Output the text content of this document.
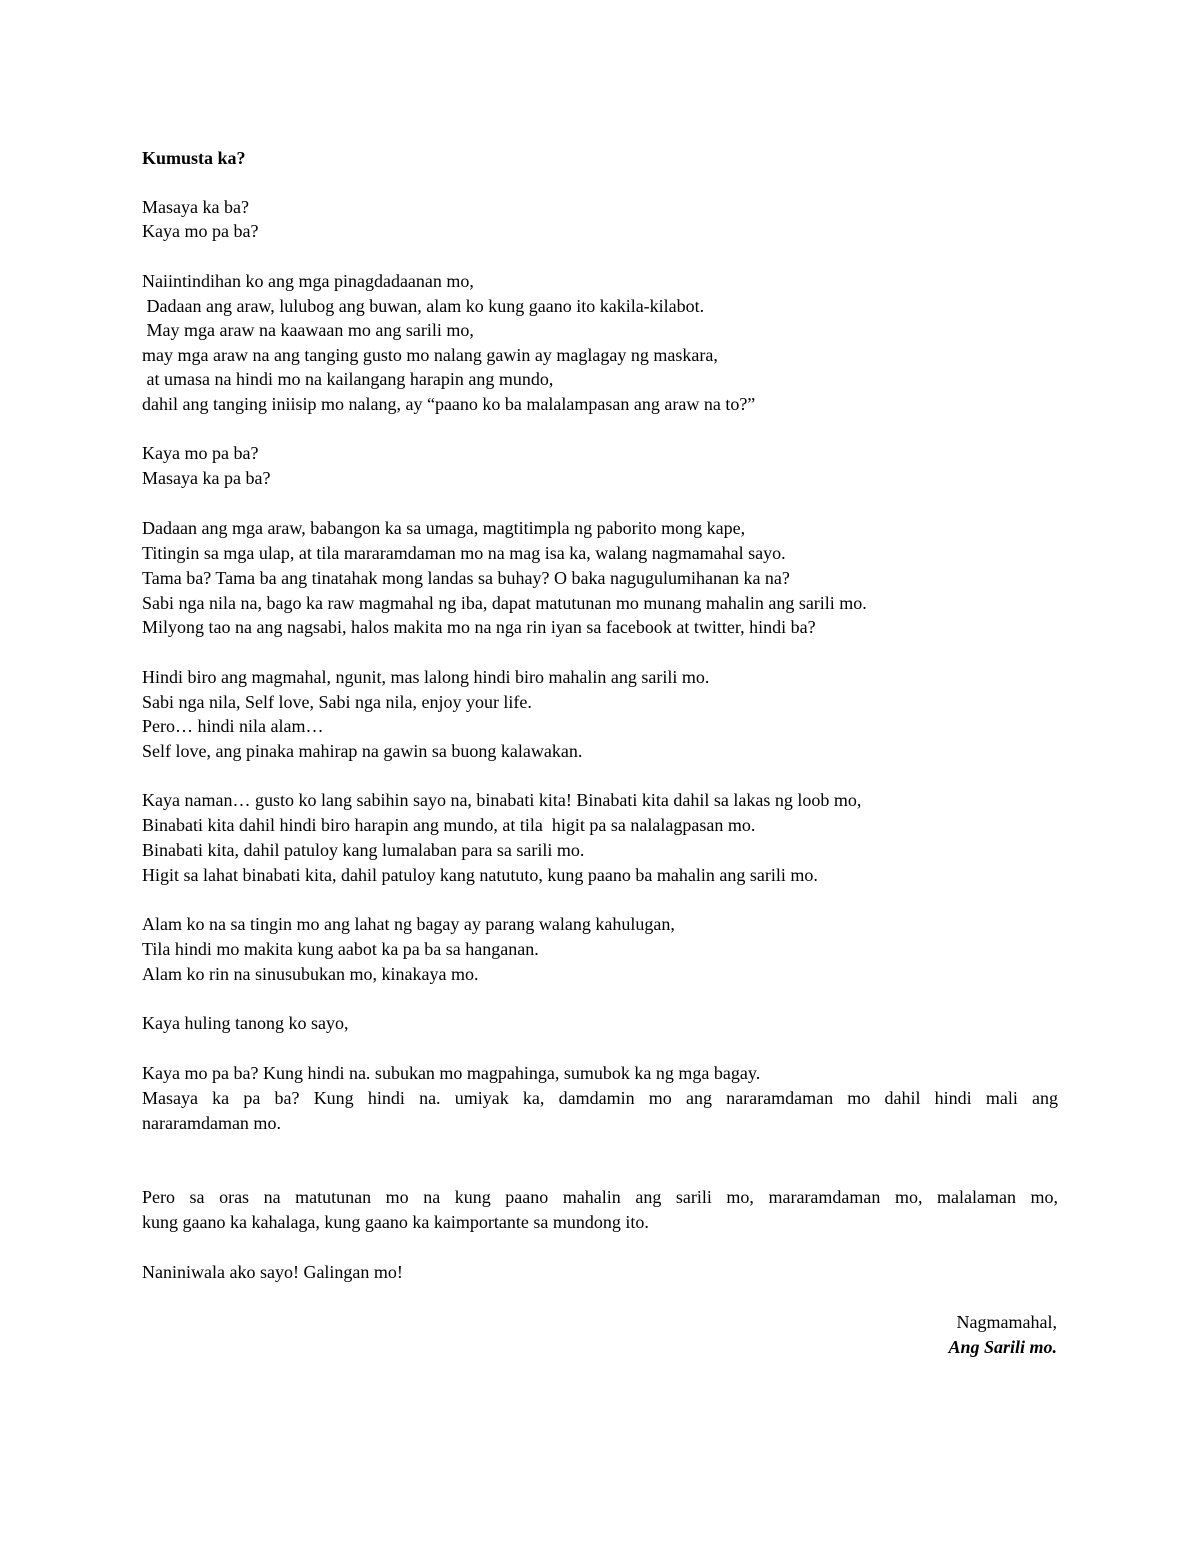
Kumusta ka?
Masaya ka ba?
Kaya mo pa ba?
Naiintindihan ko ang mga pinagdadaanan mo,
Dadaan ang araw, lulubog ang buwan, alam ko kung gaano ito kakila-kilabot.
May mga araw na kaawaan mo ang sarili mo,
may mga araw na ang tanging gusto mo nalang gawin ay maglagay ng maskara,
at umasa na hindi mo na kailangang harapin ang mundo,
dahil ang tanging iniisip mo nalang, ay “paano ko ba malalampasan ang araw na to?”
Kaya mo pa ba?
Masaya ka pa ba?
Dadaan ang mga araw, babangon ka sa umaga, magtitimpla ng paborito mong kape,
Titingin sa mga ulap, at tila mararamdaman mo na mag isa ka, walang nagmamahal sayo.
Tama ba? Tama ba ang tinatahak mong landas sa buhay? O baka nagugulumihanan ka na?
Sabi nga nila na, bago ka raw magmahal ng iba, dapat matutunan mo munang mahalin ang sarili mo.
Milyong tao na ang nagsabi, halos makita mo na nga rin iyan sa facebook at twitter, hindi ba?
Hindi biro ang magmahal, ngunit, mas lalong hindi biro mahalin ang sarili mo.
Sabi nga nila, Self love, Sabi nga nila, enjoy your life.
Pero… hindi nila alam…
Self love, ang pinaka mahirap na gawin sa buong kalawakan.
Kaya naman… gusto ko lang sabihin sayo na, binabati kita! Binabati kita dahil sa lakas ng loob mo,
Binabati kita dahil hindi biro harapin ang mundo, at tila  higit pa sa nalalagpasan mo.
Binabati kita, dahil patuloy kang lumalaban para sa sarili mo.
Higit sa lahat binabati kita, dahil patuloy kang natututo, kung paano ba mahalin ang sarili mo.
Alam ko na sa tingin mo ang lahat ng bagay ay parang walang kahulugan,
Tila hindi mo makita kung aabot ka pa ba sa hanganan.
Alam ko rin na sinusubukan mo, kinakaya mo.
Kaya huling tanong ko sayo,
Kaya mo pa ba? Kung hindi na. subukan mo magpahinga, sumubok ka ng mga bagay.
Masaya ka pa ba? Kung hindi na. umiyak ka, damdamin mo ang nararamdaman mo dahil hindi mali ang
nararamdaman mo.
Pero sa oras na matutunan mo na kung paano mahalin ang sarili mo, mararamdaman mo, malalaman mo,
kung gaano ka kahalaga, kung gaano ka kaimportante sa mundong ito.
Naniniwala ako sayo! Galingan mo!
Nagmamahal,
Ang Sarili mo.
